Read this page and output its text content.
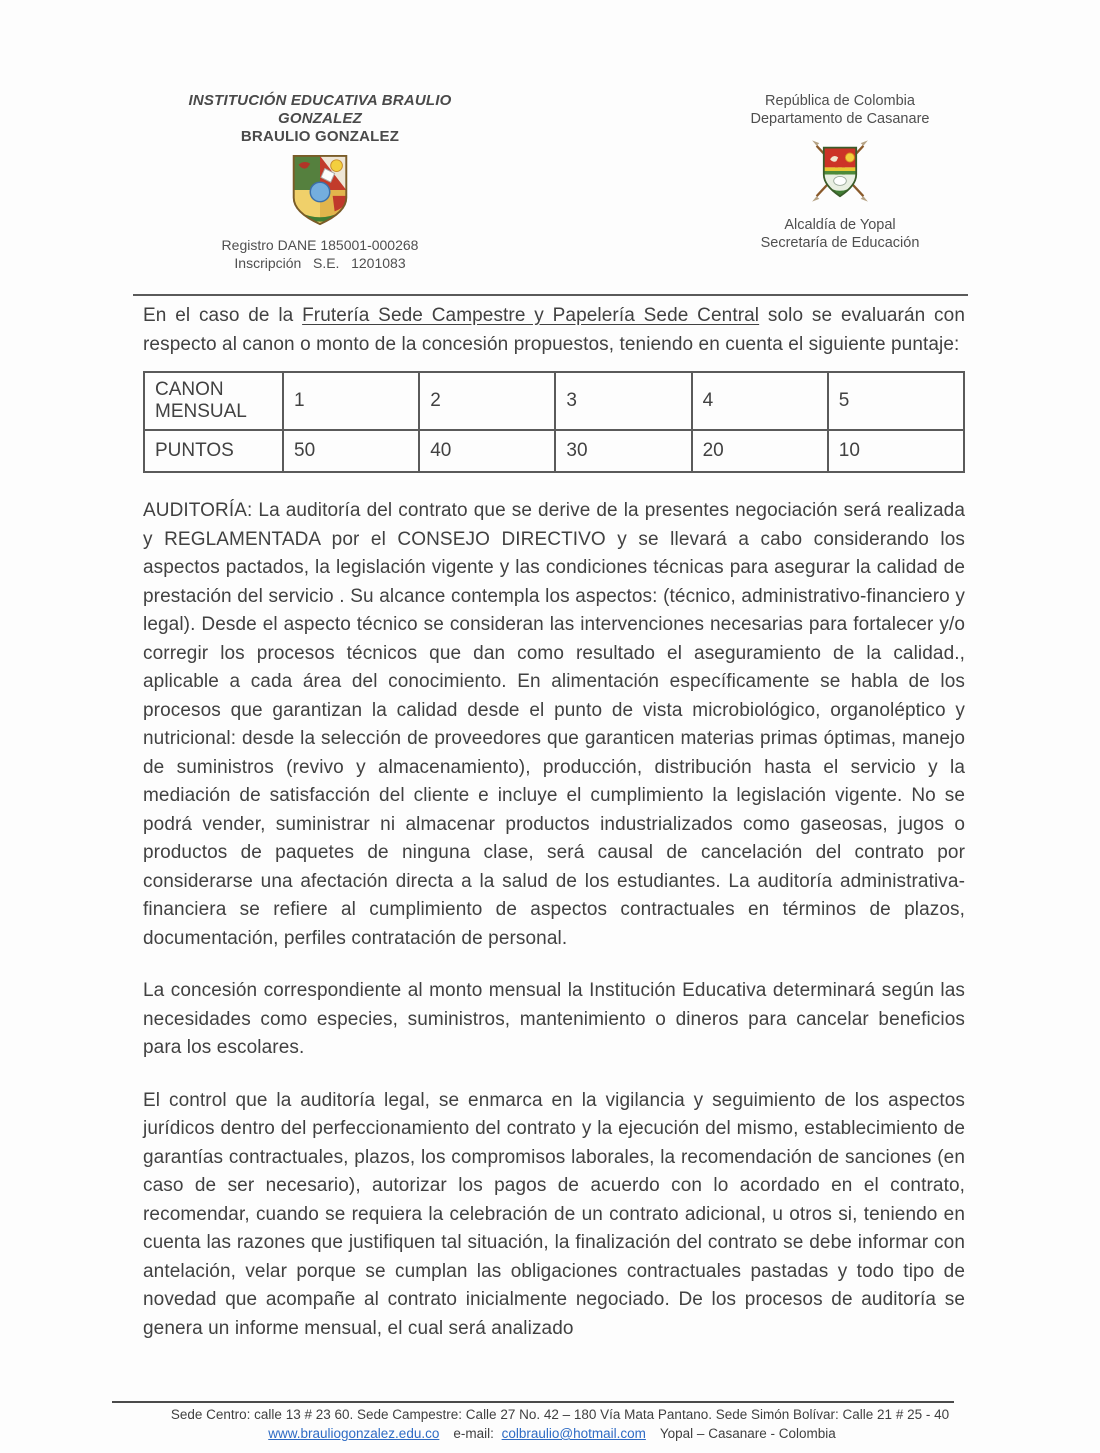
INSTITUCIÓN EDUCATIVA BRAULIO GONZALEZ
BRAULIO GONZALEZ
Registro DANE 185001-000268
Inscripción   S.E.   1201083
República de Colombia
Departamento de Casanare
Alcaldía de Yopal
Secretaría de Educación

En el caso de la Frutería Sede Campestre y Papelería Sede Central solo se evaluarán con respecto al canon o monto de la concesión propuestos, teniendo en cuenta el siguiente puntaje:

CANON MENSUAL	1	2	3	4	5
PUNTOS	50	40	30	20	10

AUDITORÍA: La auditoría del contrato que se derive de la presentes negociación será realizada y REGLAMENTADA por el CONSEJO DIRECTIVO y se llevará a cabo considerando los aspectos pactados, la legislación vigente y las condiciones técnicas para asegurar la calidad de prestación del servicio . Su alcance contempla los aspectos: (técnico, administrativo-financiero y legal). Desde el aspecto técnico se consideran las intervenciones necesarias para fortalecer y/o corregir los procesos técnicos que dan como resultado el aseguramiento de la calidad., aplicable a cada área del conocimiento. En alimentación específicamente se habla de los procesos que garantizan la calidad desde el punto de vista microbiológico, organoléptico y nutricional: desde la selección de proveedores que garanticen materias primas óptimas, manejo de suministros (revivo y almacenamiento), producción, distribución hasta el servicio y la mediación de satisfacción del cliente e incluye el cumplimiento la legislación vigente. No se podrá vender, suministrar ni almacenar productos industrializados como gaseosas, jugos o productos de paquetes de ninguna clase, será causal de cancelación del contrato por considerarse una afectación directa a la salud de los estudiantes. La auditoría administrativa-financiera se refiere al cumplimiento de aspectos contractuales en términos de plazos, documentación, perfiles contratación de personal.

La concesión correspondiente al monto mensual la Institución Educativa determinará según las necesidades como especies, suministros, mantenimiento o dineros para cancelar beneficios para los escolares.

El control que la auditoría legal, se enmarca en la vigilancia y seguimiento de los aspectos jurídicos dentro del perfeccionamiento del contrato y la ejecución del mismo, establecimiento de garantías contractuales, plazos, los compromisos laborales, la recomendación de sanciones (en caso de ser necesario), autorizar los pagos de acuerdo con lo acordado en el contrato, recomendar, cuando se requiera la celebración de un contrato adicional, u otros si, teniendo en cuenta las razones que justifiquen tal situación, la finalización del contrato se debe informar con antelación, velar porque se cumplan las obligaciones contractuales pastadas y todo tipo de novedad que acompañe al contrato inicialmente negociado. De los procesos de auditoría se genera un informe mensual, el cual será analizado

Sede Centro: calle 13 # 23 60. Sede Campestre: Calle 27 No. 42 – 180 Vía Mata Pantano. Sede Simón Bolívar: Calle 21 # 25 - 40
www.brauliogonzalez.edu.co e-mail: colbraulio@hotmail.com Yopal – Casanare - Colombia
